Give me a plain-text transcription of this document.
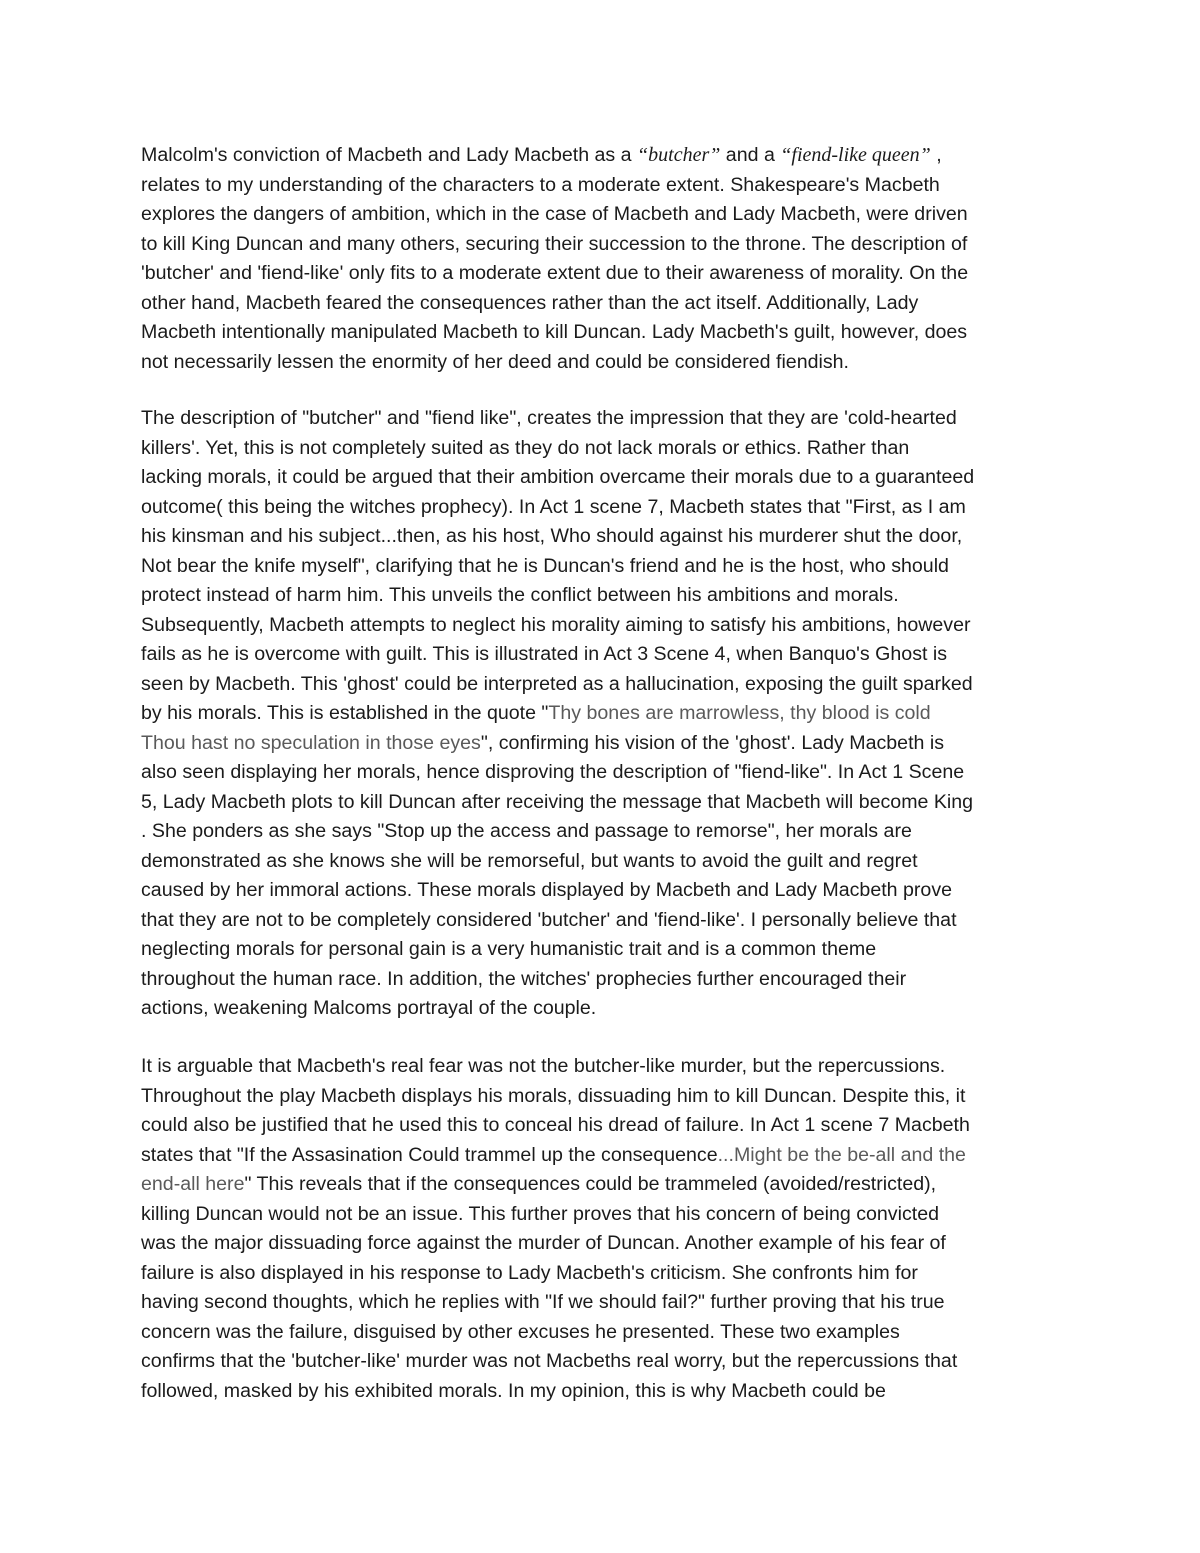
Malcolm's conviction of Macbeth and Lady Macbeth as a “butcher” and a “fiend-like queen” ,
relates to my understanding of the characters to a moderate extent. Shakespeare's Macbeth
explores the dangers of ambition, which in the case of Macbeth and Lady Macbeth, were driven
to kill King Duncan and many others, securing their succession to the throne. The description of
'butcher' and 'fiend-like' only fits to a moderate extent due to their awareness of morality. On the
other hand, Macbeth feared the consequences rather than the act itself. Additionally, Lady
Macbeth intentionally manipulated Macbeth to kill Duncan. Lady Macbeth's guilt, however, does
not necessarily lessen the enormity of her deed and could be considered fiendish.
The description of "butcher" and "fiend like", creates the impression that they are 'cold-hearted
killers'. Yet, this is not completely suited as they do not lack morals or ethics. Rather than
lacking morals, it could be argued that their ambition overcame their morals due to a guaranteed
outcome( this being the witches prophecy). In Act 1 scene 7, Macbeth states that "First, as I am
his kinsman and his subject...then, as his host, Who should against his murderer shut the door,
Not bear the knife myself", clarifying that he is Duncan's friend and he is the host, who should
protect instead of harm him. This unveils the conflict between his ambitions and morals.
Subsequently, Macbeth attempts to neglect his morality aiming to satisfy his ambitions, however
fails as he is overcome with guilt. This is illustrated in Act 3 Scene 4, when Banquo's Ghost is
seen by Macbeth. This 'ghost' could be interpreted as a hallucination, exposing the guilt sparked
by his morals. This is established in the quote "Thy bones are marrowless, thy blood is cold
Thou hast no speculation in those eyes", confirming his vision of the 'ghost'. Lady Macbeth is
also seen displaying her morals, hence disproving the description of "fiend-like". In Act 1 Scene
5, Lady Macbeth plots to kill Duncan after receiving the message that Macbeth will become King
. She ponders as she says "Stop up the access and passage to remorse", her morals are
demonstrated as she knows she will be remorseful, but wants to avoid the guilt and regret
caused by her immoral actions. These morals displayed by Macbeth and Lady Macbeth prove
that they are not to be completely considered 'butcher' and 'fiend-like'. I personally believe that
neglecting morals for personal gain is a very humanistic trait and is a common theme
throughout the human race. In addition, the witches' prophecies further encouraged their
actions, weakening Malcoms portrayal of the couple.
It is arguable that Macbeth's real fear was not the butcher-like murder, but the repercussions.
Throughout the play Macbeth displays his morals, dissuading him to kill Duncan. Despite this, it
could also be justified that he used this to conceal his dread of failure. In Act 1 scene 7 Macbeth
states that "If the Assasination Could trammel up the consequence...Might be the be-all and the
end-all here" This reveals that if the consequences could be trammeled (avoided/restricted),
killing Duncan would not be an issue. This further proves that his concern of being convicted
was the major dissuading force against the murder of Duncan. Another example of his fear of
failure is also displayed in his response to Lady Macbeth's criticism. She confronts him for
having second thoughts, which he replies with "If we should fail?" further proving that his true
concern was the failure, disguised by other excuses he presented. These two examples
confirms that the 'butcher-like' murder was not Macbeths real worry, but the repercussions that
followed, masked by his exhibited morals. In my opinion, this is why Macbeth could be
